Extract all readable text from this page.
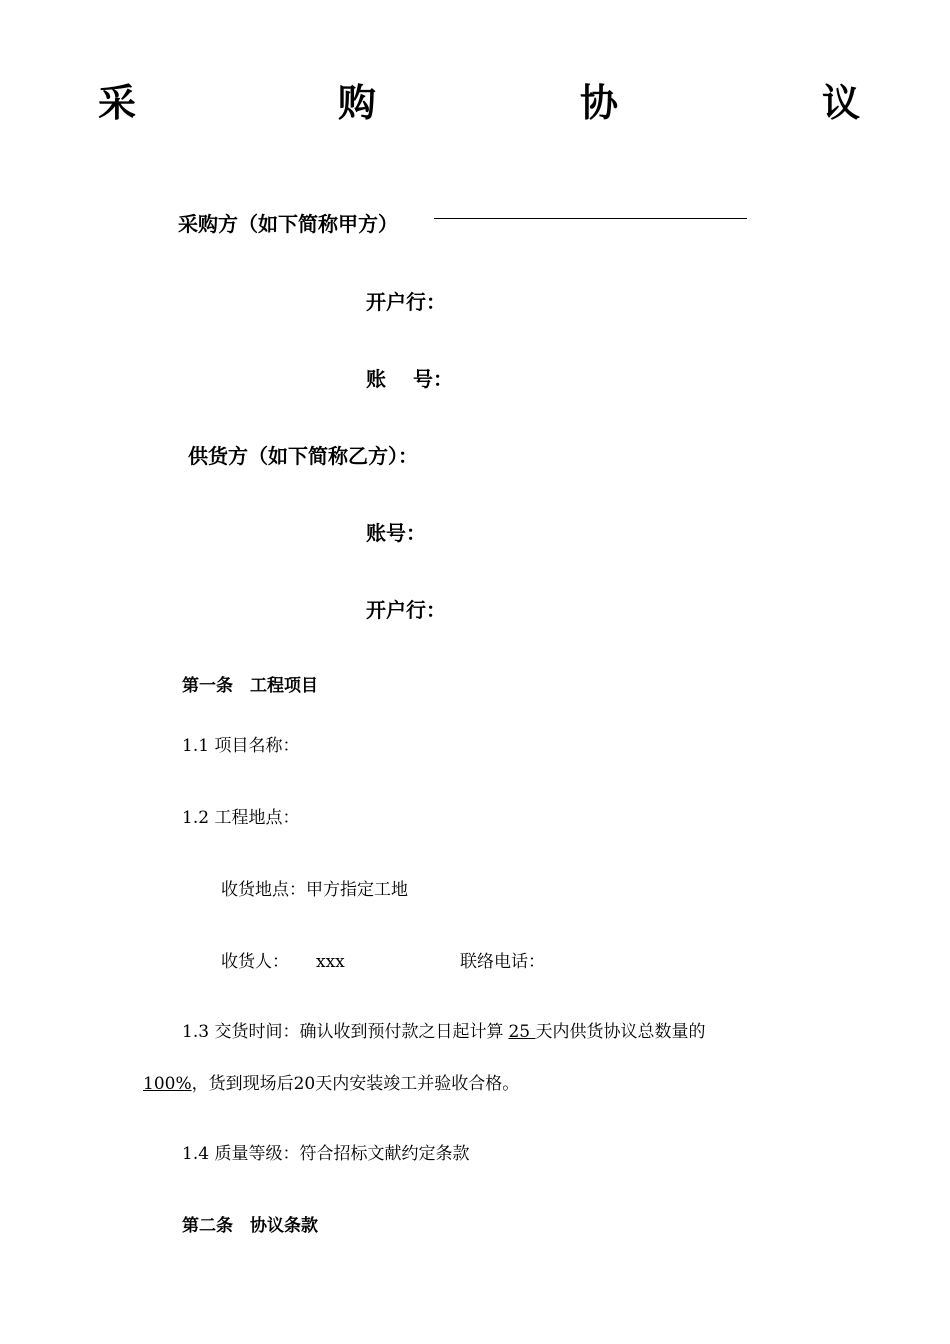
采	购	协	议
采购方（如下简称甲方）
开户行：
账　 号：
供货方（如下简称乙方）：
账号：
开户行：
第一条　工程项目
1.1 项目名称：
1.2 工程地点：
收货地点：甲方指定工地
收货人： xxx	联络电话：
1.3 交货时间：确认收到预付款之日起计算 25 天内供货协议总数量的
100%，货到现场后20天内安装竣工并验收合格。
1.4 质量等级：符合招标文献约定条款
第二条　协议条款
